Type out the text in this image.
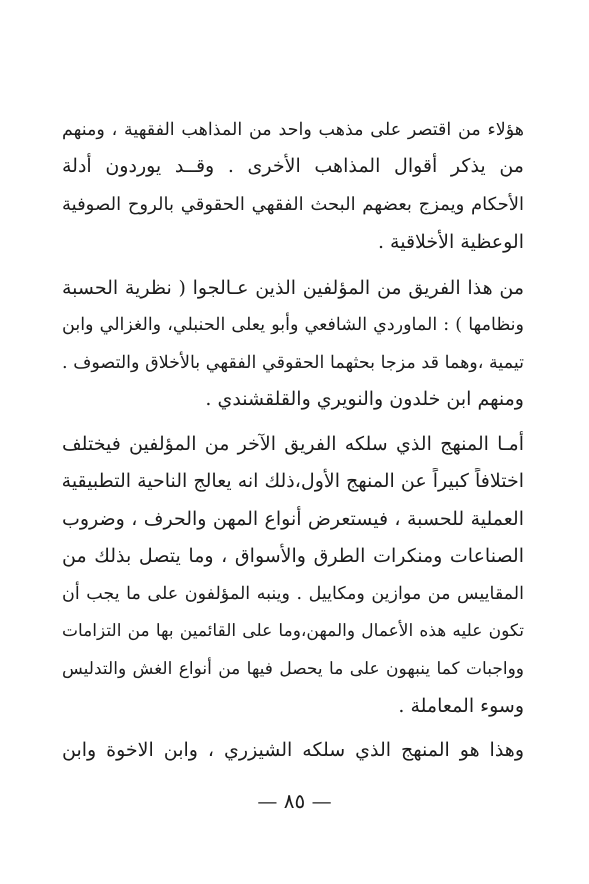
هؤلاء من اقتصر على مذهب واحد من المذاهب الفقهية ، ومنهم
من يذكر أقوال المذاهب الأخرى . وقــد يوردون أدلة
الأحكام ويمزج بعضهم البحث الفقهي الحقوقي بالروح الصوفية
الوعظية الأخلاقية .
من هذا الفريق من المؤلفين الذين عـالجوا ( نظرية الحسبة
ونظامها ) : الماوردي الشافعي وأبو يعلى الحنبلي، والغزالي وابن
تيمية ،وهما قد مزجا بحثهما الحقوقي الفقهي بالأخلاق والتصوف .
ومنهم ابن خلدون والنويري والقلقشندي .
أمـا المنهج الذي سلكه الفريق الآخر من المؤلفين فيختلف
اختلافاً كبيراً عن المنهج الأول،ذلك انه يعالج الناحية التطبيقية
العملية للحسبة ، فيستعرض أنواع المهن والحرف ، وضروب
الصناعات ومنكرات الطرق والأسواق ، وما يتصل بذلك من
المقاييس من موازين ومكاييل . وينبه المؤلفون على ما يجب أن
تكون عليه هذه الأعمال والمهن،وما على القائمين بها من التزامات
وواجبات كما ينبهون على ما يحصل فيها من أنواع الغش والتدليس
وسوء المعاملة .
وهذا هو المنهج الذي سلكه الشيزري ، وابن الاخوة وابن
— ٨٥ —
